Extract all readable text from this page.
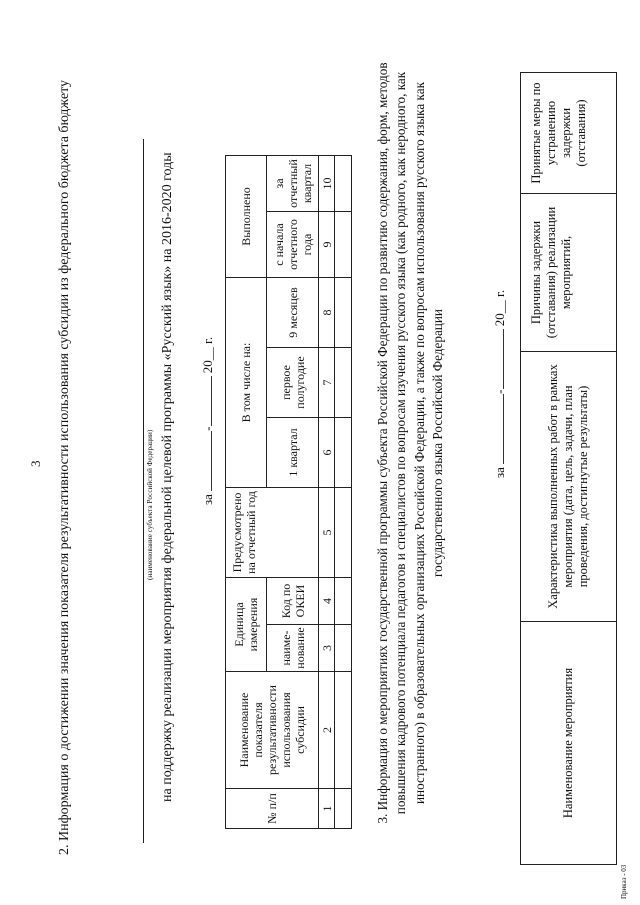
3 2. Информация о достижении значения показателя результативности использования субсидии из федерального бюджета бюджету	(наименование субъекта Российской Федерации) на поддержку реализации мероприятия федеральной целевой программы «Русский язык» на 2016-2020 годы за - 20__ г.
№ п/п	Наименование показателя результативности использования субсидии	Единица измерения		Предусмотрено на отчетный год	В том числе на:			Выполнено	
		наиме-нование	Код по ОКЕИ		1 квартал	первое полугодие	9 месяцев	с начала отчетного года	за отчетный квартал
1	2	3	4	5	6	7	8	9	10
										3. Информация о мероприятиях государственной программы субъекта Российской Федерации по развитию содержания, форм, методов повышения кадрового потенциала педагогов и специалистов по вопросам изучения русского языка (как родного, как неродного, как иностранного) в образовательных организациях Российской Федерации, а также по вопросам использования русского языка как государственного языка Российской Федерации	за - 20__ г.
Наименование мероприятия	Характеристика выполненных работ в рамках мероприятия (дата, цель, задачи, план проведения, достигнутые результаты)	Причины задержки (отставания) реализации мероприятий,	Принятые меры по устранению задержки (отставания)
Приказ - 03
